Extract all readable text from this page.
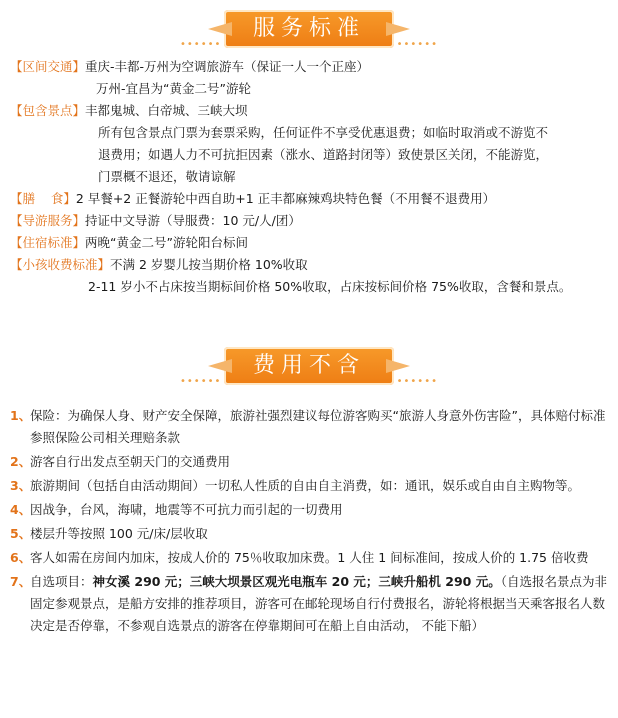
••••••
服务标准
••••••
【区间交通】 重庆-丰都-万州为空调旅游车（保证一人一个正座）
万州-宜昌为“黄金二号”游轮
【包含景点】 丰都鬼城、白帝城、三峡大坝
所有包含景点门票为套票采购，任何证件不享受优惠退费；如临时取消或不游览不
退费用；如遇人力不可抗拒因素（涨水、道路封闭等）致使景区关闭，不能游览，
门票概不退还，敬请谅解
【膳    食】 2 早餐+2 正餐游轮中西自助+1 正丰都麻辣鸡块特色餐（不用餐不退费用）
【导游服务】 持证中文导游（导服费：10 元/人/团）
【住宿标准】 两晚“黄金二号”游轮阳台标间
【小孩收费标准】 不满 2 岁婴儿按当期价格 10%收取
2-11 岁小不占床按当期标间价格 50%收取，占床按标间价格 75%收取，含餐和景点。
••••••
费用不含
••••••
1、
保险：为确保人身、财产安全保障，旅游社强烈建议每位游客购买“旅游人身意外伤害险”，具体赔付标准参照保险公司相关理赔条款
2、
游客自行出发点至朝天门的交通费用
3、
旅游期间（包括自由活动期间）一切私人性质的自由自主消费，如：通讯，娱乐或自由自主购物等。
4、
因战争，台风，海啸，地震等不可抗力而引起的一切费用
5、
楼层升等按照 100 元/床/层收取
6、
客人如需在房间内加床，按成人价的 75％收取加床费。1 人住 1 间标准间，按成人价的 1.75 倍收费
7、
自选项目：神女溪 290 元；三峡大坝景区观光电瓶车 20 元；三峡升船机 290 元。（自选报名景点为非固定参观景点，是船方安排的推荐项目，游客可在邮轮现场自行付费报名，游轮将根据当天乘客报名人数决定是否停靠，不参观自选景点的游客在停靠期间可在船上自由活动， 不能下船）
